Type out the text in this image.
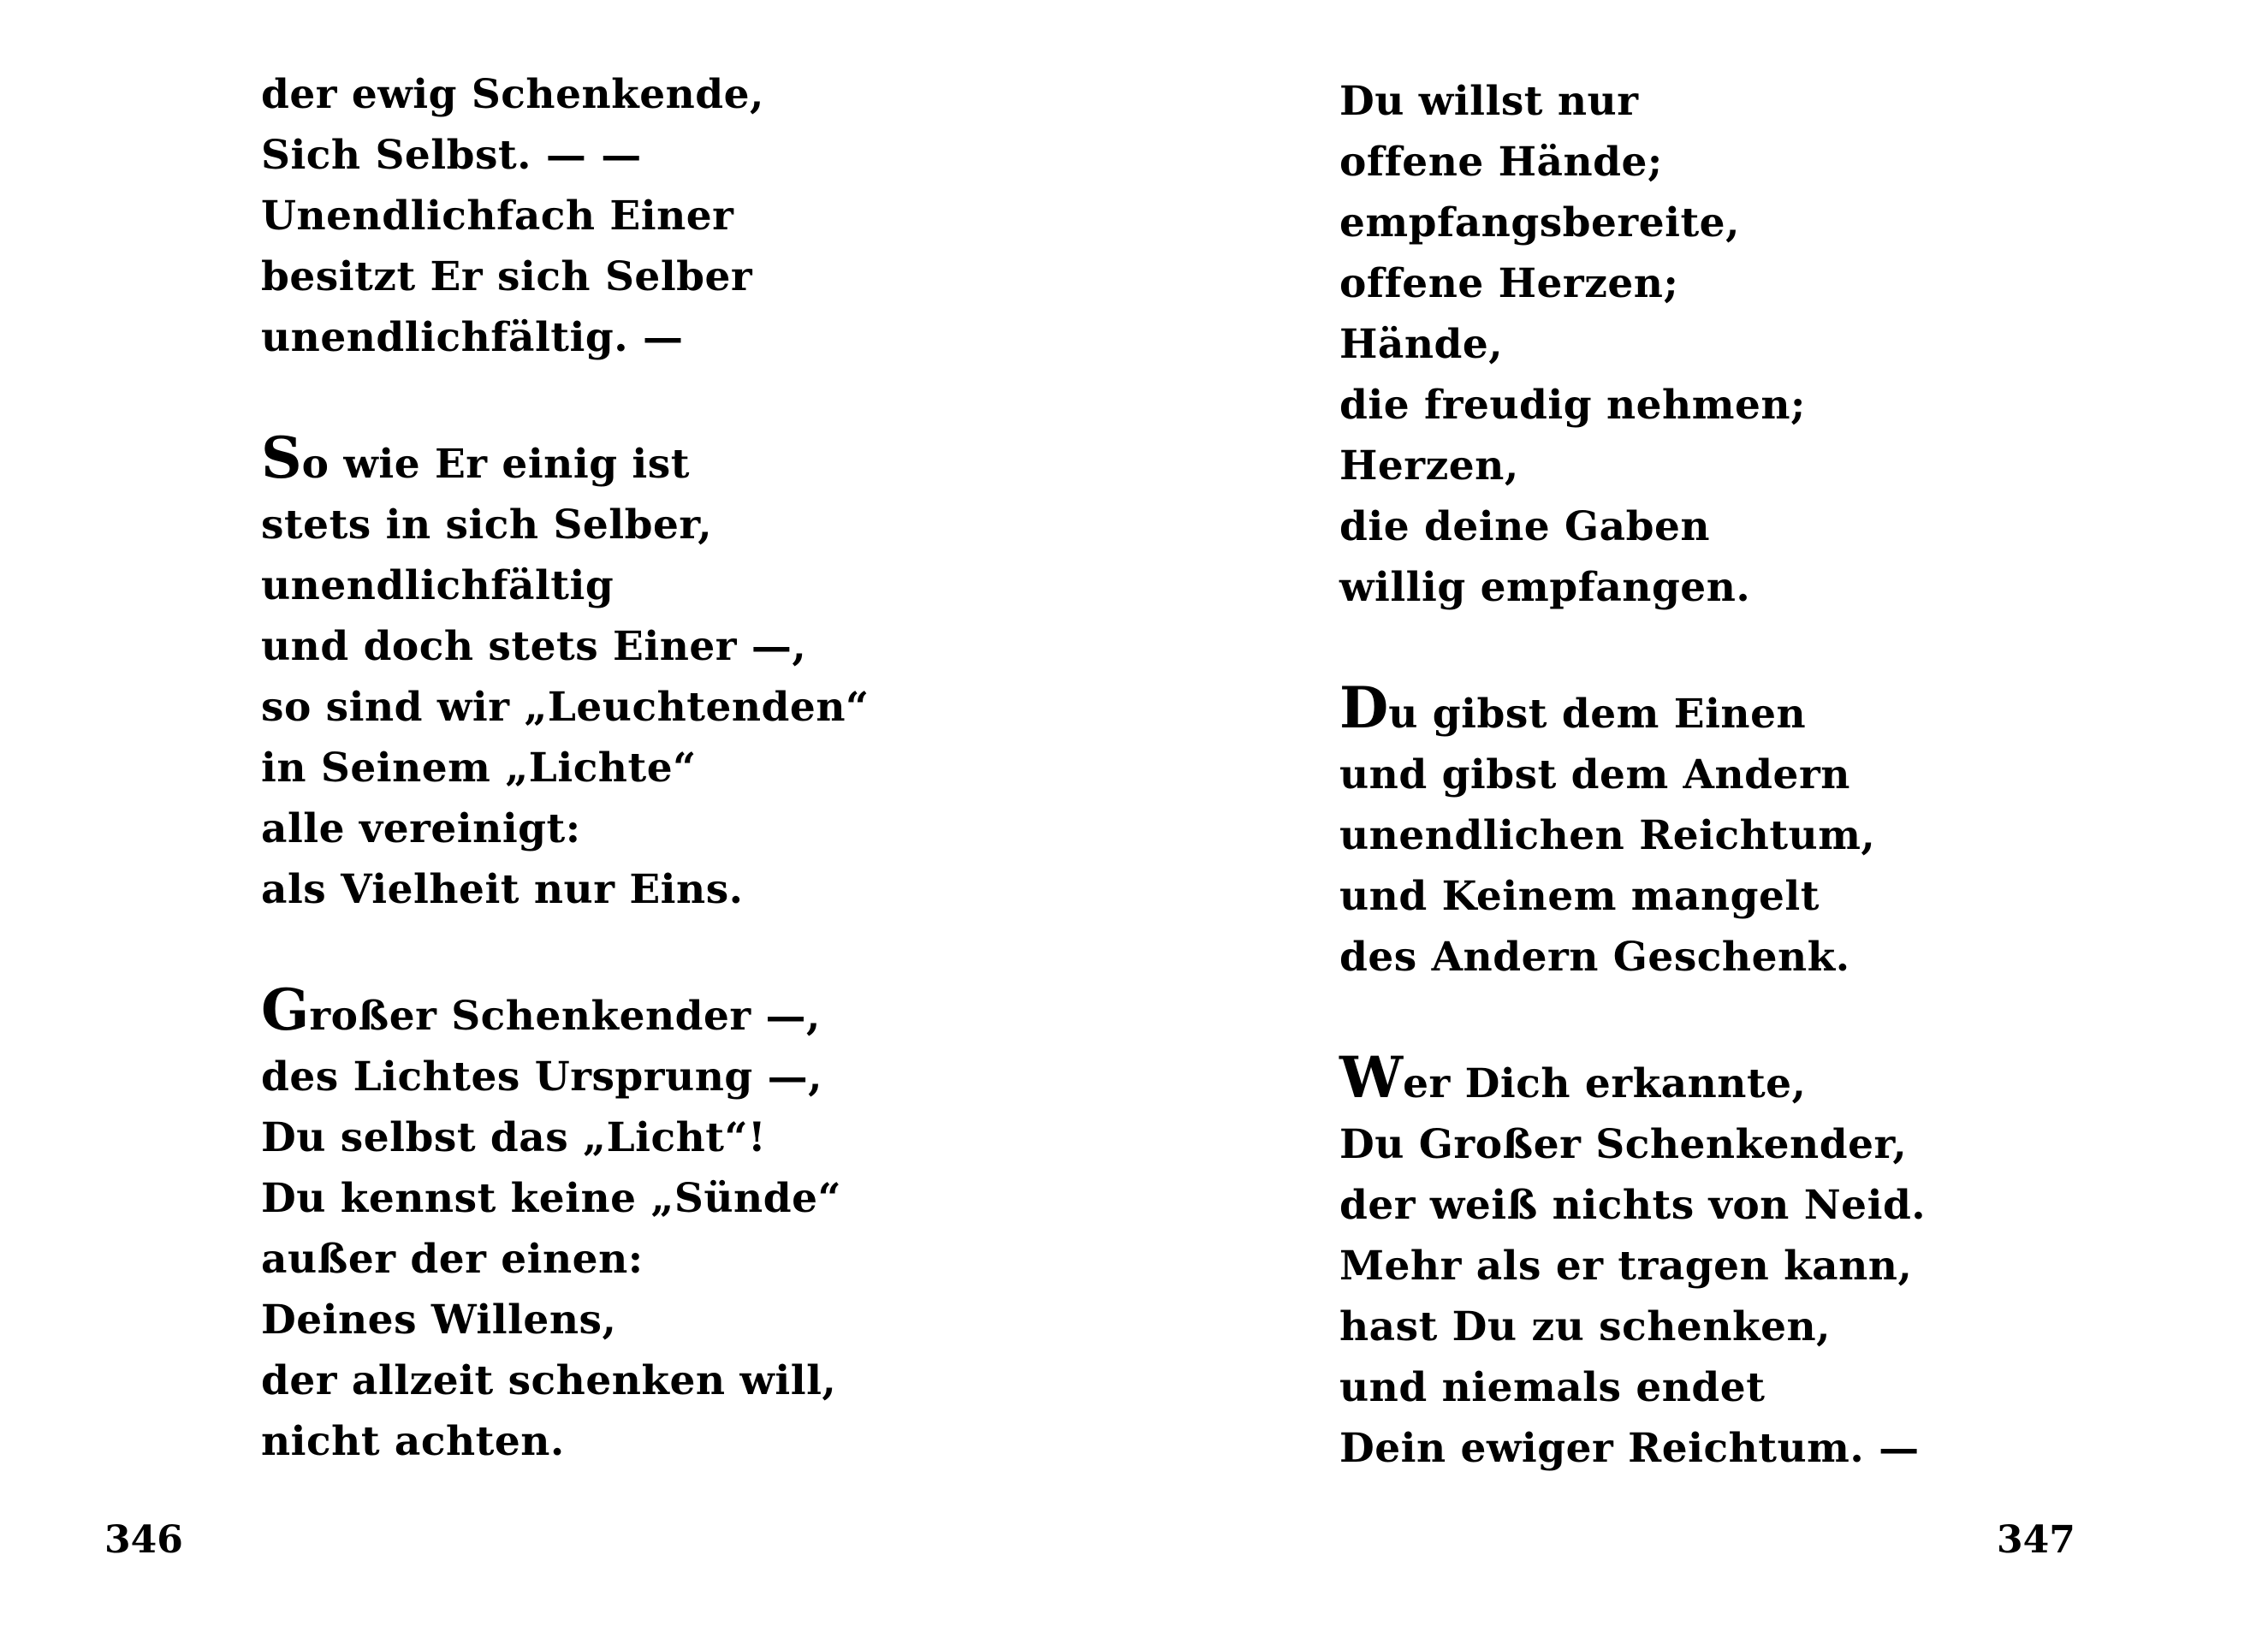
der ewig Schenkende,
Sich Selbst. — —
Unendlichfach Einer
besitzt Er sich Selber
unendlichfältig. —

So wie Er einig ist
stets in sich Selber,
unendlichfältig
und doch stets Einer —,
so sind wir „Leuchtenden“
in Seinem „Lichte“
alle vereinigt:
als Vielheit nur Eins.

Großer Schenkender —,
des Lichtes Ursprung —,
Du selbst das „Licht“!
Du kennst keine „Sünde“
außer der einen:
Deines Willens,
der allzeit schenken will,
nicht achten.

346

Du willst nur
offene Hände;
empfangsbereite,
offene Herzen;
Hände,
die freudig nehmen;
Herzen,
die deine Gaben
willig empfangen.

Du gibst dem Einen
und gibst dem Andern
unendlichen Reichtum,
und Keinem mangelt
des Andern Geschenk.

Wer Dich erkannte,
Du Großer Schenkender,
der weiß nichts von Neid.
Mehr als er tragen kann,
hast Du zu schenken,
und niemals endet
Dein ewiger Reichtum. —

347
